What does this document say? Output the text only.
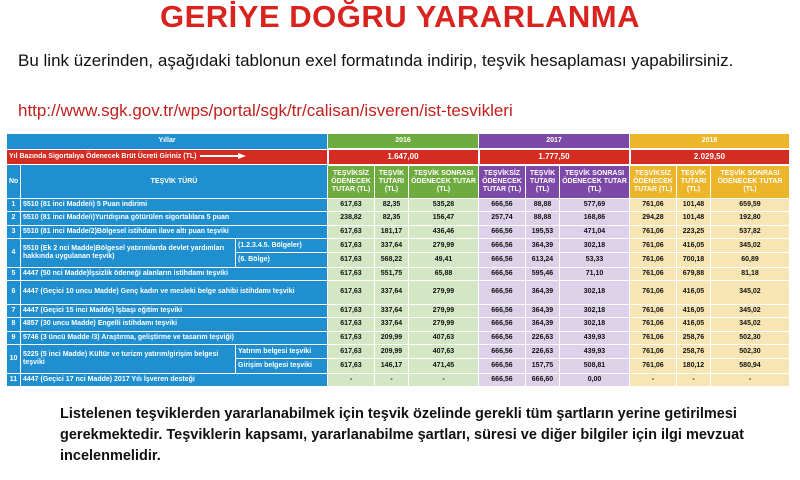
GERİYE DOĞRU YARARLANMA
Bu link üzerinden, aşağıdaki tablonun exel formatında indirip, teşvik hesaplaması yapabilirsiniz.
http://www.sgk.gov.tr/wps/portal/sgk/tr/calisan/isveren/ist-tesvikleri
Yıllar			2016			2017			2018		
Yıl Bazında Sigortalıya Ödenecek Brüt Ücreti Giriniz (TL)			1.647,00			1.777,50			2.029,50		
No	TEŞVİK TÜRÜ		TEŞVİKSİZ ÖDENECEK TUTAR (TL)	TEŞVİK TUTARI (TL)	TEŞVİK SONRASI ÖDENECEK TUTAR (TL)	TEŞVİKSİZ ÖDENECEK TUTAR (TL)	TEŞVİK TUTARI (TL)	TEŞVİK SONRASI ÖDENECEK TUTAR (TL)	TEŞVİKSİZ ÖDENECEK TUTAR (TL)	TEŞVİK TUTARI (TL)	TEŞVİK SONRASI ÖDENECEK TUTAR (TL)
1	5510 (81 inci Madde/ı) 5 Puan indirimi		617,63	82,35	535,28	666,56	88,88	577,69	761,06	101,48	659,59
2	5510 (81 inci Madde/ı)Yurtdışına götürülen sigortalılara 5 puan		238,82	82,35	156,47	257,74	88,88	168,86	294,28	101,48	192,80
3	5510 (81 inci Madde/2)Bölgesel istihdam ilave altı puan teşviki		617,63	181,17	436,46	666,56	195,53	471,04	761,06	223,25	537,82
4	5510 (Ek 2 nci Madde)Bölgesel yatırımlarda devlet yardımları hakkında uygulanan teşvik)	(1.2.3.4.5. Bölgeler)	617,63	337,64	279,99	666,56	364,39	302,18	761,06	416,05	345,02
		(6. Bölge)	617,63	568,22	49,41	666,56	613,24	53,33	761,06	700,18	60,89
5	4447 (50 nci Madde)İşsizlik ödeneği alanların istihdamı teşviki		617,63	551,75	65,88	666,56	595,46	71,10	761,06	679,88	81,18
6	4447 (Geçici 10 uncu Madde) Genç kadın ve mesleki belge sahibi istihdamı teşviki		617,63	337,64	279,99	666,56	364,39	302,18	761,06	416,05	345,02
7	4447 (Geçici 15 inci Madde) İşbaşı eğitim teşviki		617,63	337,64	279,99	666,56	364,39	302,18	761,06	416,05	345,02
8	4857 (30 uncu Madde) Engelli istihdamı teşviki		617,63	337,64	279,99	666,56	364,39	302,18	761,06	416,05	345,02
9	5746 (3 üncü Madde /3) Araştırma, geliştirme ve tasarım teşviği)		617,63	209,99	407,63	666,56	226,63	439,93	761,06	258,76	502,30
10	5225 (5 inci Madde) Kültür ve turizm yatırım/girişim belgesi teşviki	Yatırım belgesi teşviki	617,63	209,99	407,63	666,56	226,63	439,93	761,06	258,76	502,30
		Girişim belgesi teşviki	617,63	146,17	471,45	666,56	157,75	508,81	761,06	180,12	580,94
11	4447 (Geçici 17 nci Madde) 2017 Yılı İşveren desteği		-	-	-	666,56	666,60	0,00	-	-	-
Listelenen teşviklerden yararlanabilmek için teşvik özelinde gerekli tüm şartların yerine getirilmesi gerekmektedir. Teşviklerin kapsamı, yararlanabilme şartları, süresi ve diğer bilgiler için ilgi mevzuat incelenmelidir.
